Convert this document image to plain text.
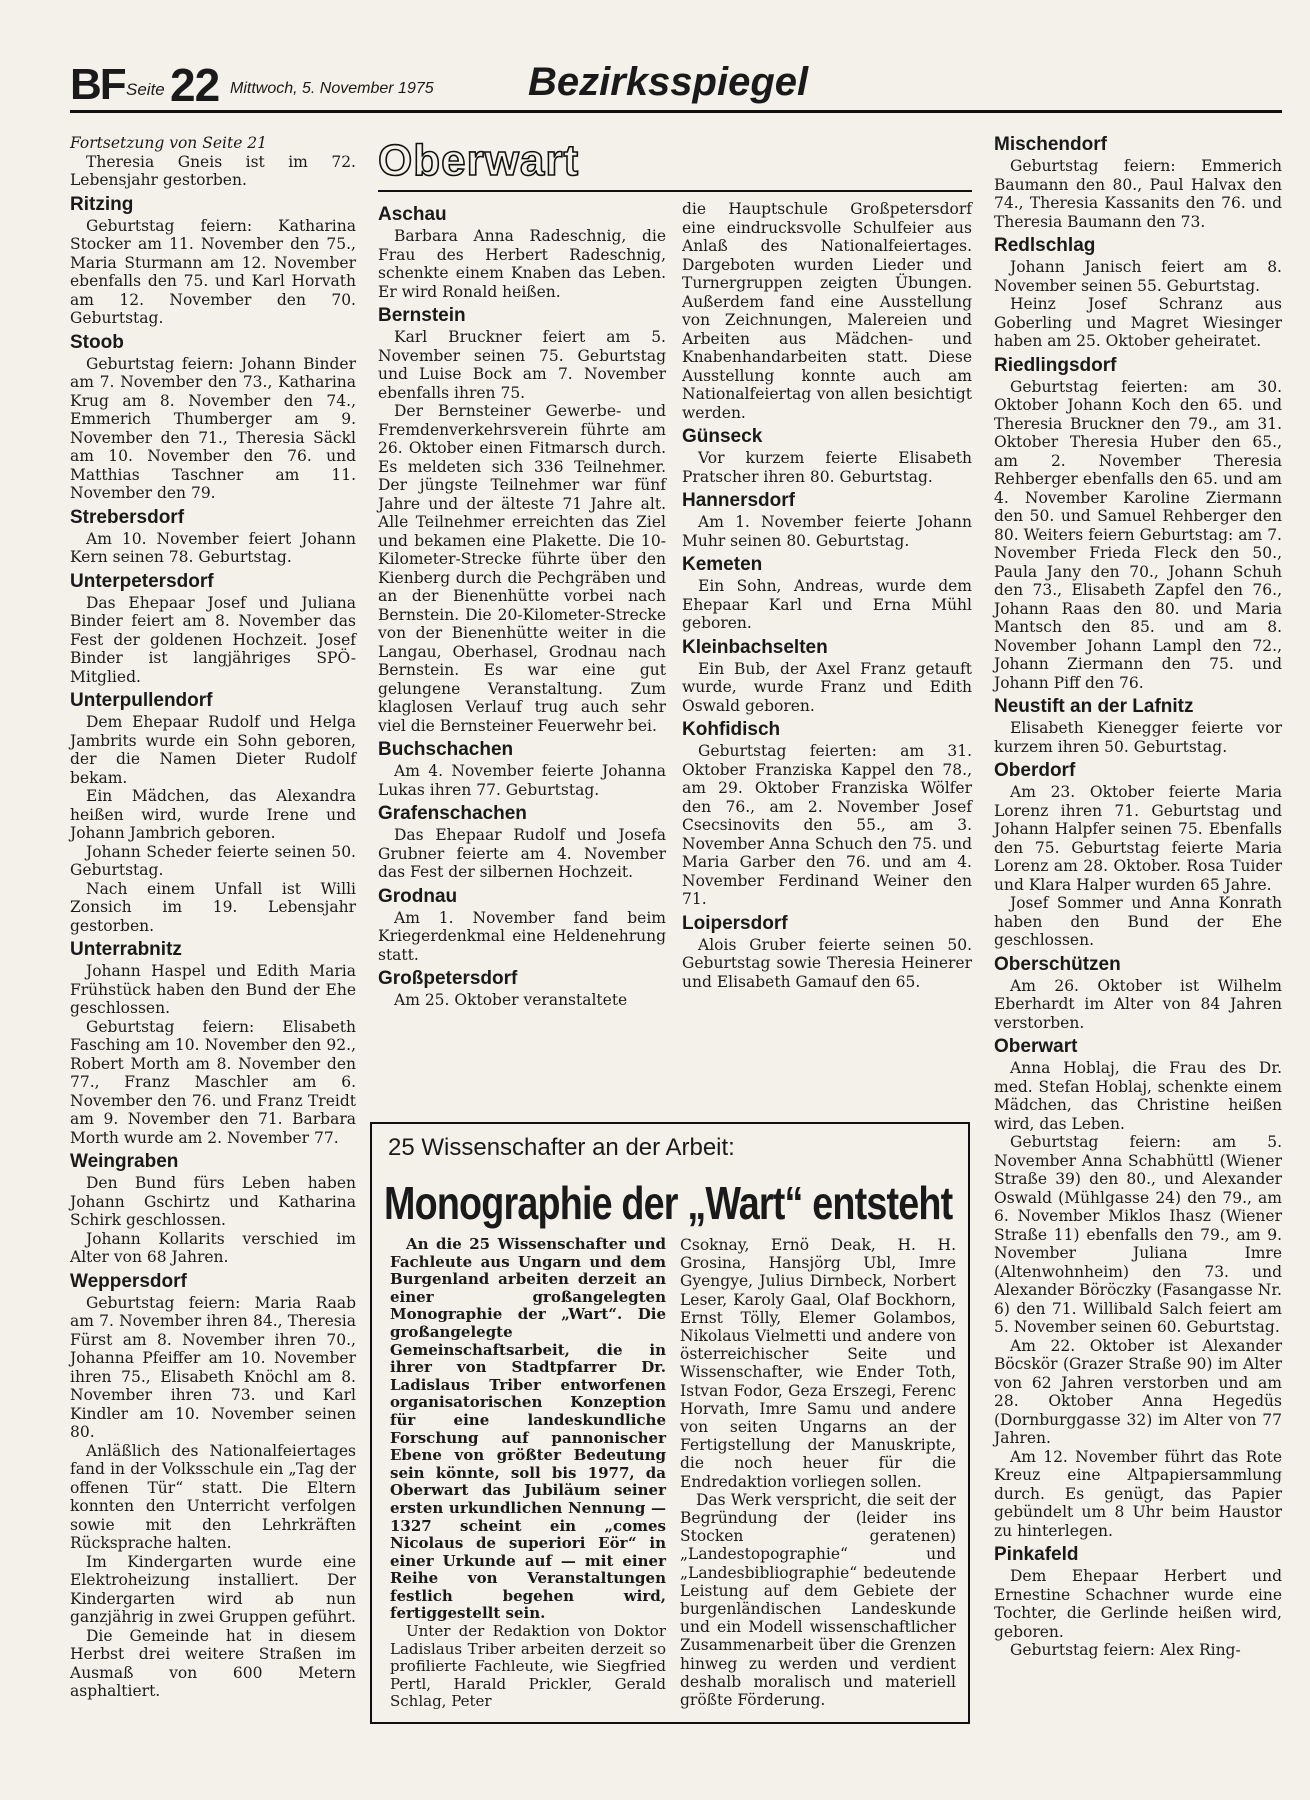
BF Seite 22 Mittwoch, 5. November 1975 Bezirksspiegel
Oberwart

Fortsetzung von Seite 21

Theresia Gneis ist im 72. Lebensjahr gestorben.

Ritzing

Geburtstag feiern: Katharina Stocker am 11. November den 75., Maria Sturmann am 12. November ebenfalls den 75. und Karl Horvath am 12. November den 70. Geburtstag.

Stoob

Geburtstag feiern: Johann Binder am 7. November den 73., Katharina Krug am 8. November den 74., Emmerich Thumberger am 9. November den 71., Theresia Säckl am 10. November den 76. und Matthias Taschner am 11. November den 79.

Strebersdorf

Am 10. November feiert Johann Kern seinen 78. Geburtstag.

Unterpetersdorf

Das Ehepaar Josef und Juliana Binder feiert am 8. November das Fest der goldenen Hochzeit. Josef Binder ist langjähriges SPÖ-Mitglied.

Unterpullendorf

Dem Ehepaar Rudolf und Helga Jambrits wurde ein Sohn geboren, der die Namen Dieter Rudolf bekam.

Ein Mädchen, das Alexandra heißen wird, wurde Irene und Johann Jambrich geboren.

Johann Scheder feierte seinen 50. Geburtstag.

Nach einem Unfall ist Willi Zonsich im 19. Lebensjahr gestorben.

Unterrabnitz

Johann Haspel und Edith Maria Frühstück haben den Bund der Ehe geschlossen.

Geburtstag feiern: Elisabeth Fasching am 10. November den 92., Robert Morth am 8. November den 77., Franz Maschler am 6. November den 76. und Franz Treidt am 9. November den 71. Barbara Morth wurde am 2. November 77.

Weingraben

Den Bund fürs Leben haben Johann Gschirtz und Katharina Schirk geschlossen.

Johann Kollarits verschied im Alter von 68 Jahren.

Weppersdorf

Geburtstag feiern: Maria Raab am 7. November ihren 84., Theresia Fürst am 8. November ihren 70., Johanna Pfeiffer am 10. November ihren 75., Elisabeth Knöchl am 8. November ihren 73. und Karl Kindler am 10. November seinen 80.

Anläßlich des Nationalfeiertages fand in der Volksschule ein „Tag der offenen Tür“ statt. Die Eltern konnten den Unterricht verfolgen sowie mit den Lehrkräften Rücksprache halten.

Im Kindergarten wurde eine Elektroheizung installiert. Der Kindergarten wird ab nun ganzjährig in zwei Gruppen geführt.

Die Gemeinde hat in diesem Herbst drei weitere Straßen im Ausmaß von 600 Metern asphaltiert.

Aschau

Barbara Anna Radeschnig, die Frau des Herbert Radeschnig, schenkte einem Knaben das Leben. Er wird Ronald heißen.

Bernstein

Karl Bruckner feiert am 5. November seinen 75. Geburtstag und Luise Bock am 7. November ebenfalls ihren 75.

Der Bernsteiner Gewerbe- und Fremdenverkehrsverein führte am 26. Oktober einen Fitmarsch durch. Es meldeten sich 336 Teilnehmer. Der jüngste Teilnehmer war fünf Jahre und der älteste 71 Jahre alt. Alle Teilnehmer erreichten das Ziel und bekamen eine Plakette. Die 10-Kilometer-Strecke führte über den Kienberg durch die Pechgräben und an der Bienenhütte vorbei nach Bernstein. Die 20-Kilometer-Strecke von der Bienenhütte weiter in die Langau, Oberhasel, Grodnau nach Bernstein. Es war eine gut gelungene Veranstaltung. Zum klaglosen Verlauf trug auch sehr viel die Bernsteiner Feuerwehr bei.

Buchschachen

Am 4. November feierte Johanna Lukas ihren 77. Geburtstag.

Grafenschachen

Das Ehepaar Rudolf und Josefa Grubner feierte am 4. November das Fest der silbernen Hochzeit.

Grodnau

Am 1. November fand beim Kriegerdenkmal eine Heldenehrung statt.

Großpetersdorf

Am 25. Oktober veranstaltete

die Hauptschule Großpetersdorf eine eindrucksvolle Schulfeier aus Anlaß des Nationalfeiertages. Dargeboten wurden Lieder und Turnergruppen zeigten Übungen. Außerdem fand eine Ausstellung von Zeichnungen, Malereien und Arbeiten aus Mädchen- und Knabenhandarbeiten statt. Diese Ausstellung konnte auch am Nationalfeiertag von allen besichtigt werden.

Günseck

Vor kurzem feierte Elisabeth Pratscher ihren 80. Geburtstag.

Hannersdorf

Am 1. November feierte Johann Muhr seinen 80. Geburtstag.

Kemeten

Ein Sohn, Andreas, wurde dem Ehepaar Karl und Erna Mühl geboren.

Kleinbachselten

Ein Bub, der Axel Franz getauft wurde, wurde Franz und Edith Oswald geboren.

Kohfidisch

Geburtstag feierten: am 31. Oktober Franziska Kappel den 78., am 29. Oktober Franziska Wölfer den 76., am 2. November Josef Csecsinovits den 55., am 3. November Anna Schuch den 75. und Maria Garber den 76. und am 4. November Ferdinand Weiner den 71.

Loipersdorf

Alois Gruber feierte seinen 50. Geburtstag sowie Theresia Heinerer und Elisabeth Gamauf den 65.

Mischendorf

Geburtstag feiern: Emmerich Baumann den 80., Paul Halvax den 74., Theresia Kassanits den 76. und Theresia Baumann den 73.

Redlschlag

Johann Janisch feiert am 8. November seinen 55. Geburtstag.

Heinz Josef Schranz aus Goberling und Magret Wiesinger haben am 25. Oktober geheiratet.

Riedlingsdorf

Geburtstag feierten: am 30. Oktober Johann Koch den 65. und Theresia Bruckner den 79., am 31. Oktober Theresia Huber den 65., am 2. November Theresia Rehberger ebenfalls den 65. und am 4. November Karoline Ziermann den 50. und Samuel Rehberger den 80. Weiters feiern Geburtstag: am 7. November Frieda Fleck den 50., Paula Jany den 70., Johann Schuh den 73., Elisabeth Zapfel den 76., Johann Raas den 80. und Maria Mantsch den 85. und am 8. November Johann Lampl den 72., Johann Ziermann den 75. und Johann Piff den 76.

Neustift an der Lafnitz

Elisabeth Kienegger feierte vor kurzem ihren 50. Geburtstag.

Oberdorf

Am 23. Oktober feierte Maria Lorenz ihren 71. Geburtstag und Johann Halpfer seinen 75. Ebenfalls den 75. Geburtstag feierte Maria Lorenz am 28. Oktober. Rosa Tuider und Klara Halper wurden 65 Jahre.

Josef Sommer und Anna Konrath haben den Bund der Ehe geschlossen.

Oberschützen

Am 26. Oktober ist Wilhelm Eberhardt im Alter von 84 Jahren verstorben.

Oberwart

Anna Hoblaj, die Frau des Dr. med. Stefan Hoblaj, schenkte einem Mädchen, das Christine heißen wird, das Leben.

Geburtstag feiern: am 5. November Anna Schabhüttl (Wiener Straße 39) den 80., und Alexander Oswald (Mühlgasse 24) den 79., am 6. November Miklos Ihasz (Wiener Straße 11) ebenfalls den 79., am 9. November Juliana Imre (Altenwohnheim) den 73. und Alexander Böröczky (Fasangasse Nr. 6) den 71. Willibald Salch feiert am 5. November seinen 60. Geburtstag.

Am 22. Oktober ist Alexander Böcskör (Grazer Straße 90) im Alter von 62 Jahren verstorben und am 28. Oktober Anna Hegedüs (Dornburggasse 32) im Alter von 77 Jahren.

Am 12. November führt das Rote Kreuz eine Altpapiersammlung durch. Es genügt, das Papier gebündelt um 8 Uhr beim Haustor zu hinterlegen.

Pinkafeld

Dem Ehepaar Herbert und Ernestine Schachner wurde eine Tochter, die Gerlinde heißen wird, geboren.

Geburtstag feiern: Alex Ring-

25 Wissenschafter an der Arbeit:
Monographie der „Wart“ entsteht

An die 25 Wissenschafter und Fachleute aus Ungarn und dem Burgenland arbeiten derzeit an einer großangelegten Monographie der „Wart“. Die großangelegte Gemeinschaftsarbeit, die in ihrer von Stadtpfarrer Dr. Ladislaus Triber entworfenen organisatorischen Konzeption für eine landeskundliche Forschung auf pannonischer Ebene von größter Bedeutung sein könnte, soll bis 1977, da Oberwart das Jubiläum seiner ersten urkundlichen Nennung — 1327 scheint ein „comes Nicolaus de superiori Eör“ in einer Urkunde auf — mit einer Reihe von Veranstaltungen festlich begehen wird, fertiggestellt sein.

Unter der Redaktion von Doktor Ladislaus Triber arbeiten derzeit so profilierte Fachleute, wie Siegfried Pertl, Harald Prickler, Gerald Schlag, Peter

Csoknay, Ernö Deak, H. H. Grosina, Hansjörg Ubl, Imre Gyengye, Julius Dirnbeck, Norbert Leser, Karoly Gaal, Olaf Bockhorn, Ernst Tölly, Elemer Golambos, Nikolaus Vielmetti und andere von österreichischer Seite und Wissenschafter, wie Ender Toth, Istvan Fodor, Geza Erszegi, Ferenc Horvath, Imre Samu und andere von seiten Ungarns an der Fertigstellung der Manuskripte, die noch heuer für die Endredaktion vorliegen sollen.

Das Werk verspricht, die seit der Begründung der (leider ins Stocken geratenen) „Landestopographie“ und „Landesbibliographie“ bedeutende Leistung auf dem Gebiete der burgenländischen Landeskunde und ein Modell wissenschaftlicher Zusammenarbeit über die Grenzen hinweg zu werden und verdient deshalb moralisch und materiell größte Förderung.
